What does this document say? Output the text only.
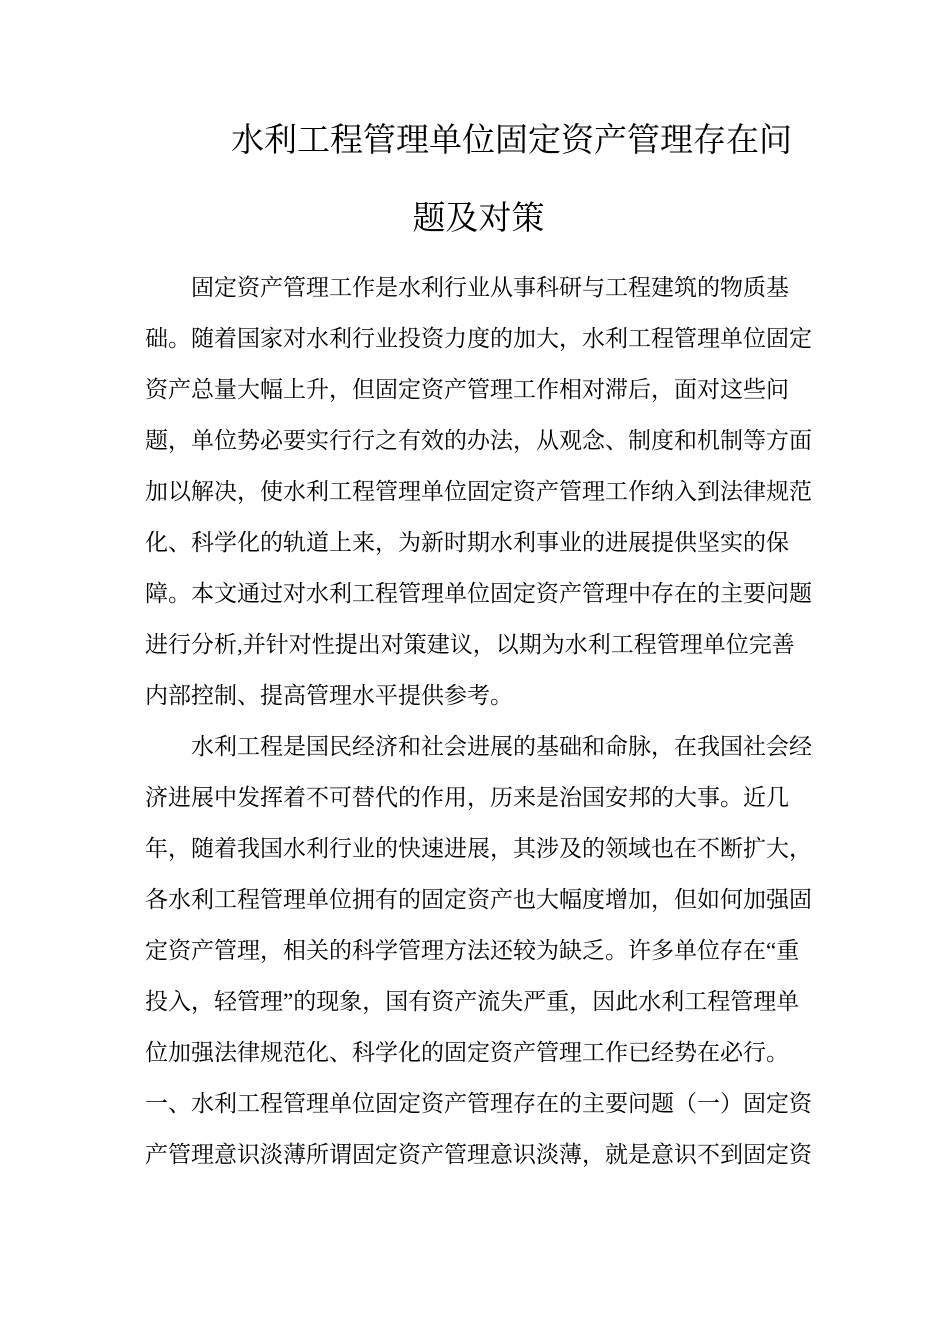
水利工程管理单位固定资产管理存在问
题及对策
固定资产管理工作是水利行业从事科研与工程建筑的物质基
础。随着国家对水利行业投资力度的加大，水利工程管理单位固定
资产总量大幅上升，但固定资产管理工作相对滞后，面对这些问
题，单位势必要实行行之有效的办法，从观念、制度和机制等方面
加以解决，使水利工程管理单位固定资产管理工作纳入到法律规范
化、科学化的轨道上来，为新时期水利事业的进展提供坚实的保
障。本文通过对水利工程管理单位固定资产管理中存在的主要问题
进行分析,并针对性提出对策建议，以期为水利工程管理单位完善
内部控制、提高管理水平提供参考。
水利工程是国民经济和社会进展的基础和命脉，在我国社会经
济进展中发挥着不可替代的作用，历来是治国安邦的大事。近几
年，随着我国水利行业的快速进展，其涉及的领域也在不断扩大，
各水利工程管理单位拥有的固定资产也大幅度增加，但如何加强固
定资产管理，相关的科学管理方法还较为缺乏。许多单位存在“重
投入，轻管理”的现象，国有资产流失严重，因此水利工程管理单
位加强法律规范化、科学化的固定资产管理工作已经势在必行。
一、水利工程管理单位固定资产管理存在的主要问题（一）固定资
产管理意识淡薄所谓固定资产管理意识淡薄，就是意识不到固定资
